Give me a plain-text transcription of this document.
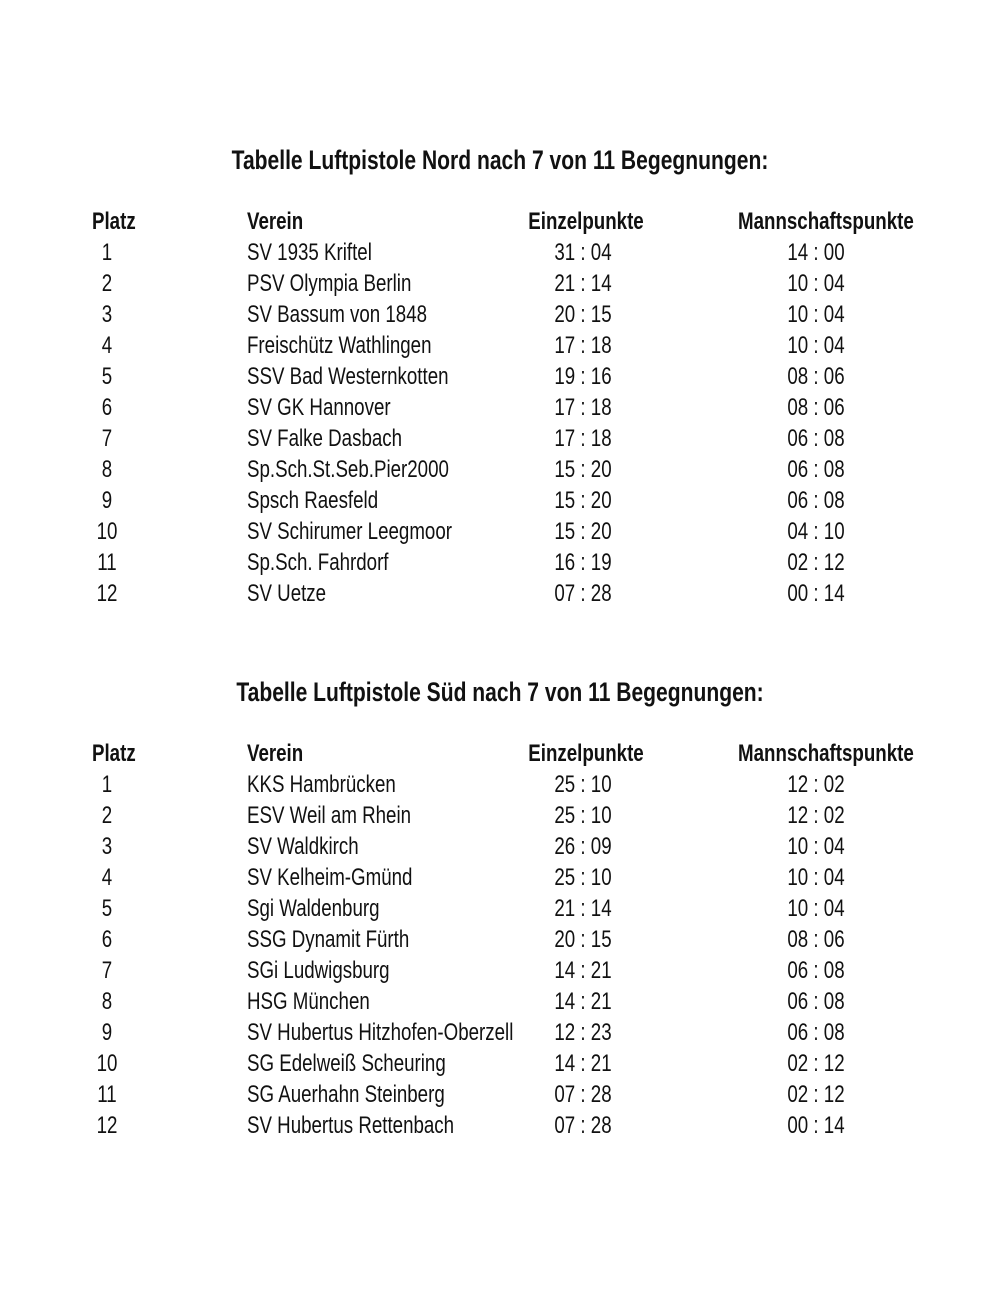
Tabelle Luftpistole Nord nach 7 von 11 Begegnungen:
Platz	Verein	Einzelpunkte	Mannschaftspunkte
1	SV 1935 Kriftel	31 : 04	14 : 00
2	PSV Olympia Berlin	21 : 14	10 : 04
3	SV Bassum von 1848	20 : 15	10 : 04
4	Freischütz Wathlingen	17 : 18	10 : 04
5	SSV Bad Westernkotten	19 : 16	08 : 06
6	SV GK Hannover	17 : 18	08 : 06
7	SV Falke Dasbach	17 : 18	06 : 08
8	Sp.Sch.St.Seb.Pier2000	15 : 20	06 : 08
9	Spsch Raesfeld	15 : 20	06 : 08
10	SV Schirumer Leegmoor	15 : 20	04 : 10
11	Sp.Sch. Fahrdorf	16 : 19	02 : 12
12	SV Uetze	07 : 28	00 : 14
Tabelle Luftpistole Süd nach 7 von 11 Begegnungen:
Platz	Verein	Einzelpunkte	Mannschaftspunkte
1	KKS Hambrücken	25 : 10	12 : 02
2	ESV Weil am Rhein	25 : 10	12 : 02
3	SV Waldkirch	26 : 09	10 : 04
4	SV Kelheim-Gmünd	25 : 10	10 : 04
5	Sgi Waldenburg	21 : 14	10 : 04
6	SSG Dynamit Fürth	20 : 15	08 : 06
7	SGi Ludwigsburg	14 : 21	06 : 08
8	HSG München	14 : 21	06 : 08
9	SV Hubertus Hitzhofen-Oberzell	12 : 23	06 : 08
10	SG Edelweiß Scheuring	14 : 21	02 : 12
11	SG Auerhahn Steinberg	07 : 28	02 : 12
12	SV Hubertus Rettenbach	07 : 28	00 : 14
